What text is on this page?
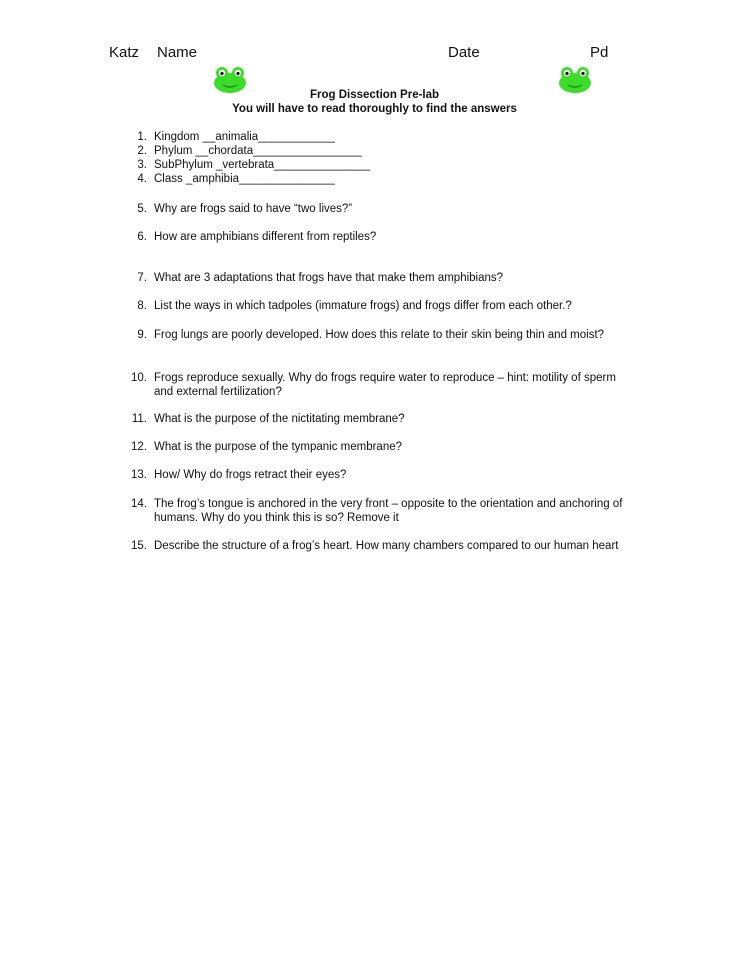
Katz Name	Date	Pd
Frog Dissection Pre-lab
You will have to read thoroughly to find the answers
1. Kingdom __animalia____________
2. Phylum __chordata_________________
3. SubPhylum _vertebrata_______________
4. Class _amphibia_______________
5. Why are frogs said to have “two lives?”
6. How are amphibians different from reptiles?
7. What are 3 adaptations that frogs have that make them amphibians?
8. List the ways in which tadpoles (immature frogs) and frogs differ from each other.?
9. Frog lungs are poorly developed. How does this relate to their skin being thin and moist?
10. Frogs reproduce sexually. Why do frogs require water to reproduce – hint: motility of sperm and external fertilization?
11. What is the purpose of the nictitating membrane?
12. What is the purpose of the tympanic membrane?
13. How/ Why do frogs retract their eyes?
14. The frog’s tongue is anchored in the very front – opposite to the orientation and anchoring of humans. Why do you think this is so? Remove it
15. Describe the structure of a frog’s heart. How many chambers compared to our human heart
